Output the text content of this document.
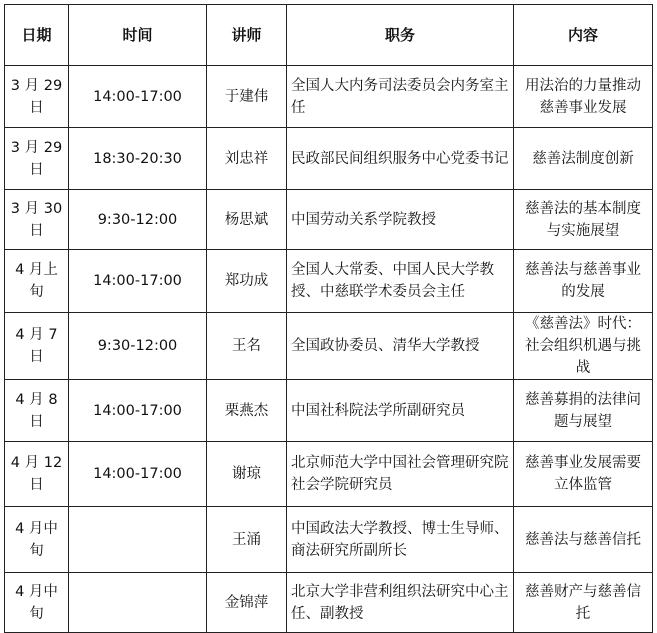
日期	时间	讲师	职务	内容
3 月 29 日	14:00-17:00	于建伟	全国人大内务司法委员会内务室主任	用法治的力量推动慈善事业发展
3 月 29 日	18:30-20:30	刘忠祥	民政部民间组织服务中心党委书记	慈善法制度创新
3 月 30 日	9:30-12:00	杨思斌	中国劳动关系学院教授	慈善法的基本制度与实施展望
4 月上旬	14:00-17:00	郑功成	全国人大常委、中国人民大学教授、中慈联学术委员会主任	慈善法与慈善事业的发展
4 月 7 日	9:30-12:00	王名	全国政协委员、清华大学教授	《慈善法》时代：社会组织机遇与挑战
4 月 8 日	14:00-17:00	栗燕杰	中国社科院法学所副研究员	慈善募捐的法律问题与展望
4 月 12 日	14:00-17:00	谢琼	北京师范大学中国社会管理研究院 社会学院研究员	慈善事业发展需要立体监管
4 月中旬		王涌	中国政法大学教授、博士生导师、商法研究所副所长	慈善法与慈善信托
4 月中旬		金锦萍	北京大学非营利组织法研究中心主任、副教授	慈善财产与慈善信托
